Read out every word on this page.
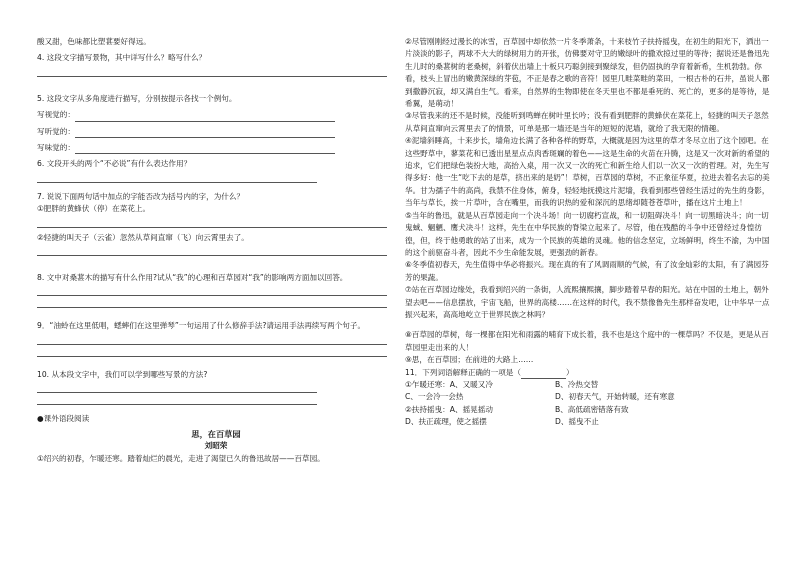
酸又甜，色味都比塑葚要好得远。

4. 这段文字描写景物，其中详写什么？略写什么？

5. 这段文字从多角度进行描写，分别按提示各找一个例句。

写视觉的：

写听觉的：

写味觉的：

6. 文段开头的两个“不必说”有什么表达作用？

7. 说说下面两句话中加点的字能否改为括号内的字，为什么？

①肥胖的黄蜂伏（停）在菜花上。

②轻捷的叫天子（云雀）忽然从草间直窜（飞）向云霄里去了。

8. 文中对桑葚木的描写有什么作用?试从“我”的心理和百草园对“我”的影响两方面加以回答。

9．“油蛉在这里低唱，蟋蟀们在这里弹琴”一句运用了什么修辞手法?请运用手法再续写两个句子。

10. 从本段文字中，我们可以学到哪些写景的方法?

●课外语段阅读

思，在百草园

刘昭荣

①绍兴的初春，乍暖还寒。踏着灿烂的晨光，走进了渴望已久的鲁迅故居——百草园。

②尽管刚刚经过漫长的冰雪，百草园中却依然一片冬季萧条，十来枝竹子扶持摇曳，在初生的阳光下，洒出一片淡淡的影子，两球不大大的绿树用力的开张，仿佛要对守卫的嫩绿叶的撒欢掠过里的等待；据说还是鲁迅先生儿时的桑葚树的老桑树，斜着伏出墙上十板只巧聪剑接到聚绿发，但仍固执的孕育着新希，生机勃勃。你看，枝头上冒出的嫩黄深绿的芽苞，不正是春之歌的音符！园里几畦菜畦的菜田，一根古朴的石井，虽说人都到撒静沉寂，却又满自生气。看来，自然界的生物即使在冬天里也不都是垂死的、死亡的，更多的是等待，是希翼，是萌动！

③尽管我来的还不是时候，没能听到鸣蝉在树叶里长吟；没有看到肥胖的黄蜂伏在菜花上，轻捷的叫天子忽然从草间直窜向云霄里去了的情景，可单是那一墙还是当年的短短的泥墙，就给了我无限的情趣。

④泥墙斜睡高，十来步长，墙角边长满了各种各样的野草，大概就是因为这里的草才冬尽立出了这个园吧。在这些野草中，蓼菜花和已透出星星点点肉香斑斓的着色——这是生命的火苗在升腾，这是又一次对新的希望的追求，它们把绿色装扮大地，高抬入桌，用一次又一次的死亡和新生给人们以一次又一次的哲理。对，先生写得多好：他一生“吃下去的是草，挤出来的是奶”！草树，百草园的草树，不正象征华夏，拉进去着名去忘的美华。甘为孺子牛的高尚，我禁不住身体，俯身，轻轻地抚摸这片泥墙，我看到那些曾经生活过的先生的身影，当年与草长，挨一片草叶，含在嘴里，而我的识热的爱和深沉的思绪却随苍苍草叶，播在这片土地上！

⑤当年的鲁迅，就是从百草园走向一个决斗场！向一切腐朽宣战，和一切阻碍决斗！向一切黑暗决斗；向一切鬼蜮、魍魉、鹰犬决斗！这样，先生在中华民族的脊梁立起来了。尽管，他在残酷的斗争中还曾经过身惶彷徨，但，终于他勇敢的站了出来，成为一个民族的英雄的灵魂。他的信念坚定，立场鲜明，终生不渝，为中国的这个前驱奋斗者，因此不少生命能发展，更强劲的新春。

⑥冬季值初春天，先生值得中华必将振兴。现在真的有了风调雨顺的气候，有了汝金灿彩的太阳，有了满园芬芳的果蔬。

⑦站在百草园边缘处，我看到绍兴的一条街，人流熙攘熙攘，脚步踏着早春的阳光。站在中国的土地上，朝外望去吧——信息摆放，宇宙飞船，世界的高楼……在这样的时代，我不禁像鲁先生那样奋发吧，让中华早一点振兴起来，高高地屹立于世界民族之林吗？

⑧百草园的草树，每一棵都在阳光和雨露的哺育下成长着，我不也是这个庭中的一棵草吗？不仅是，更是从百草园里走出来的人！

⑨思，在百草园；在前进的大路上……

11．下列词语解释正确的一项是（	）

①乍暖还寒：A、又暖又冷	B、冷热交替
C、一会冷一会热	D、初春天气，开始转暖，还有寒意
②扶持摇曳：A、摇晃摇动	B、高低疏密错落有致
D、扶正疏理，使之摇摆	D、摇曳不止
